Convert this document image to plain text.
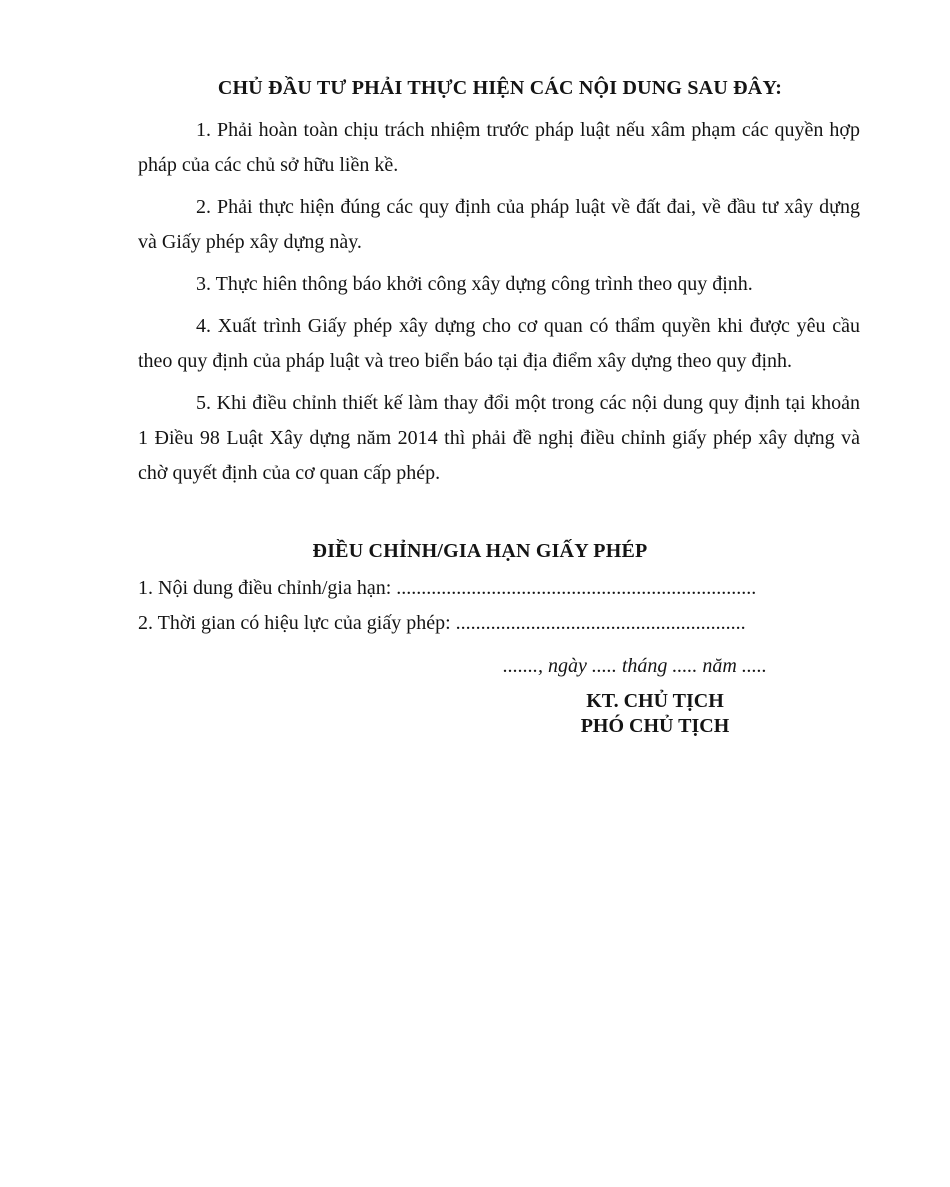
CHỦ ĐẦU TƯ PHẢI THỰC HIỆN CÁC NỘI DUNG SAU ĐÂY:

1. Phải hoàn toàn chịu trách nhiệm trước pháp luật nếu xâm phạm các quyền hợp pháp của các chủ sở hữu liền kề.

2. Phải thực hiện đúng các quy định của pháp luật về đất đai, về đầu tư xây dựng và Giấy phép xây dựng này.

3. Thực hiên thông báo khởi công xây dựng công trình theo quy định.

4. Xuất trình Giấy phép xây dựng cho cơ quan có thẩm quyền khi được yêu cầu theo quy định của pháp luật và treo biển báo tại địa điểm xây dựng theo quy định.

5. Khi điều chỉnh thiết kế làm thay đổi một trong các nội dung quy định tại khoản 1 Điều 98 Luật Xây dựng năm 2014 thì phải đề nghị điều chỉnh giấy phép xây dựng và chờ quyết định của cơ quan cấp phép.

ĐIỀU CHỈNH/GIA HẠN GIẤY PHÉP
1. Nội dung điều chỉnh/gia hạn: ........................................................................
2. Thời gian có hiệu lực của giấy phép: ..........................................................
......., ngày ..... tháng ..... năm .....
KT. CHỦ TỊCH
PHÓ CHỦ TỊCH
